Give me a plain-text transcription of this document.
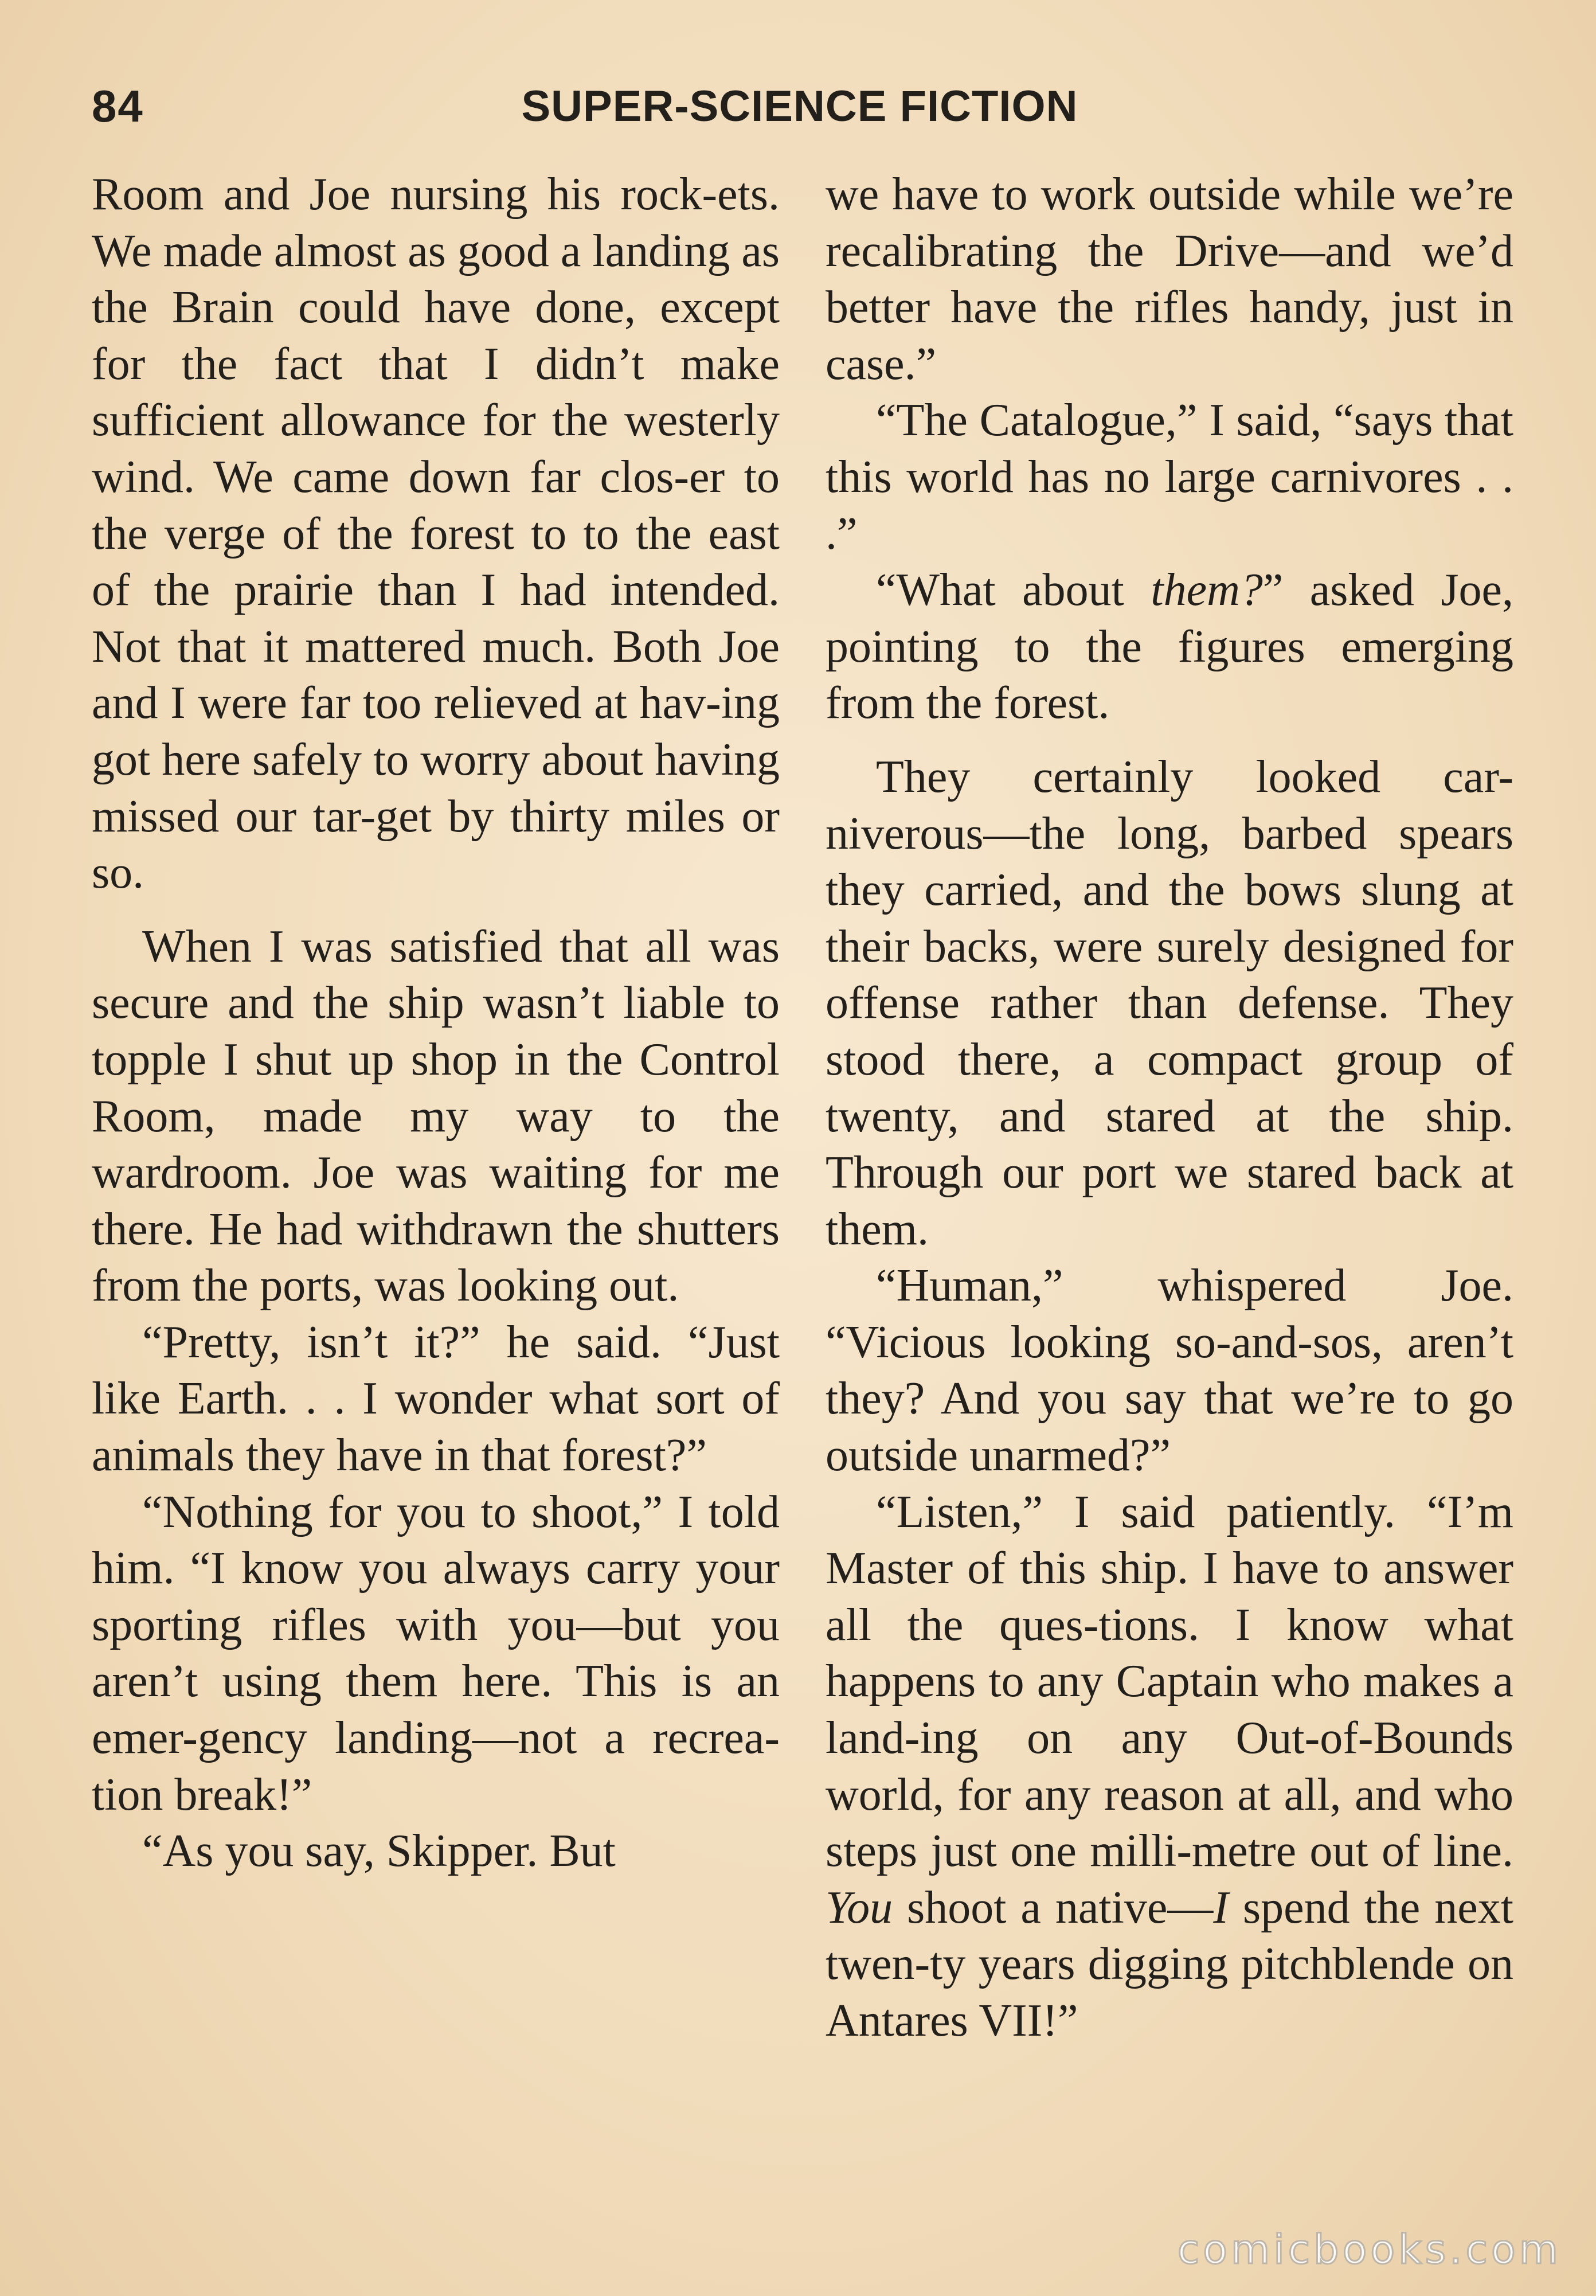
84	SUPER-SCIENCE FICTION

Room and Joe nursing his rock-ets. We made almost as good a landing as the Brain could have done, except for the fact that I didn’t make sufficient allowance for the westerly wind. We came down far clos-er to the verge of the forest to to the east of the prairie than I had intended. Not that it mattered much. Both Joe and I were far too relieved at hav-ing got here safely to worry about having missed our tar-get by thirty miles or so.

When I was satisfied that all was secure and the ship wasn’t liable to topple I shut up shop in the Control Room, made my way to the wardroom. Joe was waiting for me there. He had withdrawn the shutters from the ports, was looking out.

“Pretty, isn’t it?” he said. “Just like Earth. . . I wonder what sort of animals they have in that forest?”

“Nothing for you to shoot,” I told him. “I know you always carry your sporting rifles with you—but you aren’t using them here. This is an emer-gency landing—not a recrea-tion break!”

“As you say, Skipper. But

we have to work outside while we’re recalibrating the Drive—and we’d better have the rifles handy, just in case.”

“The Catalogue,” I said, “says that this world has no large carnivores . . .”

“What about them?” asked Joe, pointing to the figures emerging from the forest.

They certainly looked car-niverous—the long, barbed spears they carried, and the bows slung at their backs, were surely designed for offense rather than defense. They stood there, a compact group of twenty, and stared at the ship. Through our port we stared back at them.

“Human,” whispered Joe. “Vicious looking so-and-sos, aren’t they? And you say that we’re to go outside unarmed?”

“Listen,” I said patiently. “I’m Master of this ship. I have to answer all the ques-tions. I know what happens to any Captain who makes a land-ing on any Out-of-Bounds world, for any reason at all, and who steps just one milli-metre out of line. You shoot a native—I spend the next twen-ty years digging pitchblende on Antares VII!”

comicbooks.com
